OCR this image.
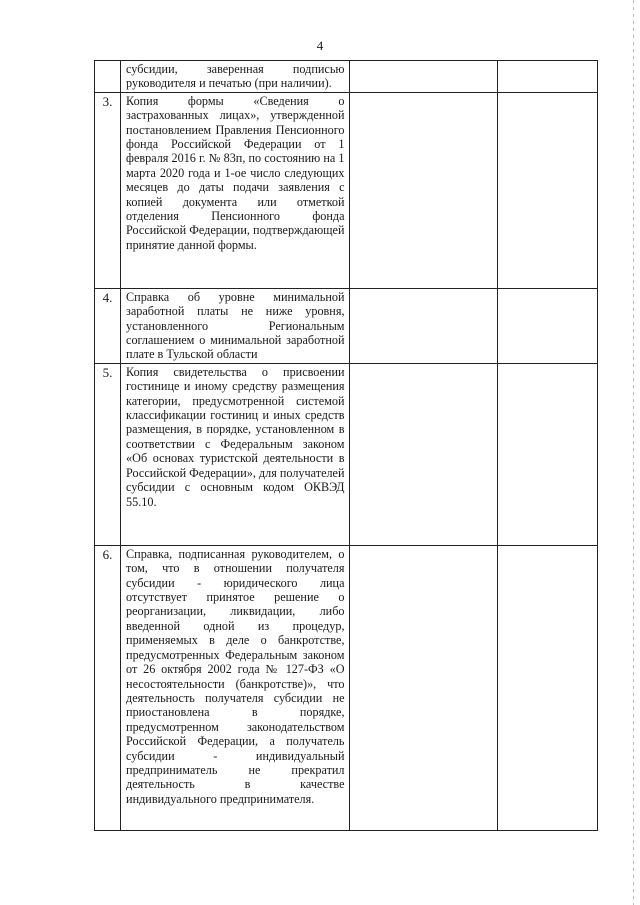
4
	субсидии, заверенная подписью руководителя и печатью (при наличии).		
3.	Копия формы «Сведения о застрахованных лицах», утвержденной постановлением Правления Пенсионного фонда Российской Федерации от 1 февраля 2016 г. № 83п, по состоянию на 1 марта 2020 года и 1-ое число следующих месяцев до даты подачи заявления с копией документа или отметкой отделения Пенсионного фонда Российской Федерации, подтверждающей принятие данной формы.		
4.	Справка об уровне минимальной заработной платы не ниже уровня, установленного Региональным соглашением о минимальной заработной плате в Тульской области		
5.	Копия свидетельства о присвоении гостинице и иному средству размещения категории, предусмотренной системой классификации гостиниц и иных средств размещения, в порядке, установленном в соответствии с Федеральным законом «Об основах туристской деятельности в Российской Федерации», для получателей субсидии с основным кодом ОКВЭД 55.10.		
6.	Справка, подписанная руководителем, о том, что в отношении получателя субсидии - юридического лица отсутствует принятое решение о реорганизации, ликвидации, либо введенной одной из процедур, применяемых в деле о банкротстве, предусмотренных Федеральным законом от 26 октября 2002 года № 127-ФЗ «О несостоятельности (банкротстве)», что деятельность получателя субсидии не приостановлена в порядке, предусмотренном законодательством Российской Федерации, а получатель субсидии - индивидуальный предприниматель не прекратил деятельность в качестве индивидуального предпринимателя.		
